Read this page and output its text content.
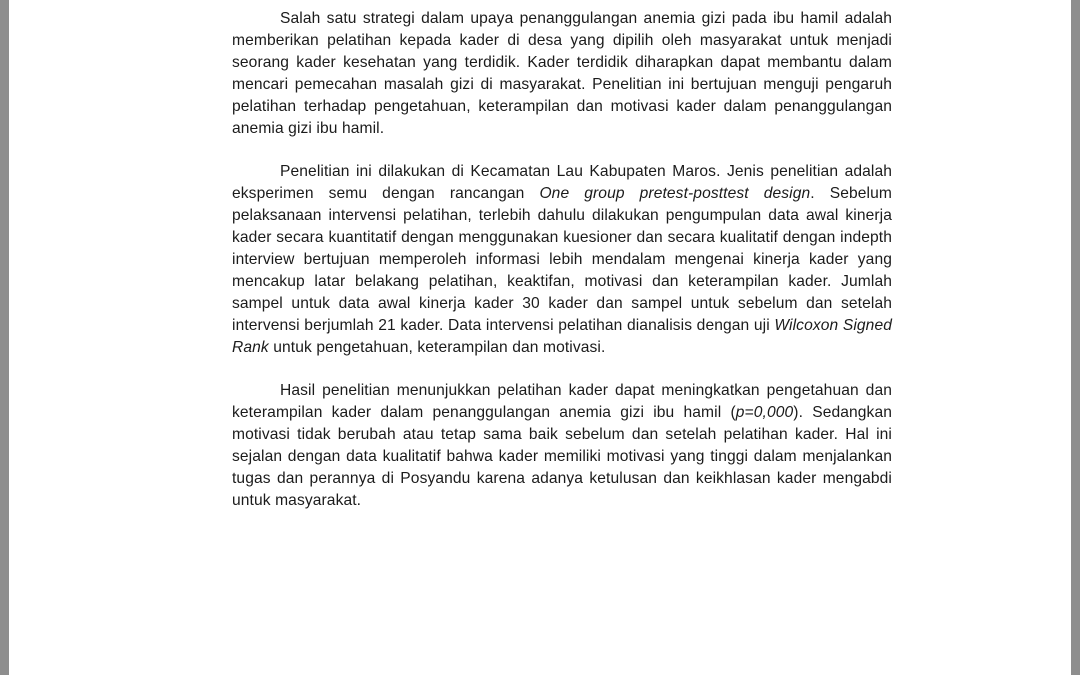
Salah satu strategi dalam upaya penanggulangan anemia gizi pada ibu hamil adalah memberikan pelatihan kepada kader di desa yang dipilih oleh masyarakat untuk menjadi seorang kader kesehatan yang terdidik. Kader terdidik diharapkan dapat membantu dalam mencari pemecahan masalah gizi di masyarakat. Penelitian ini bertujuan menguji pengaruh pelatihan terhadap pengetahuan, keterampilan dan motivasi kader dalam penanggulangan anemia gizi ibu hamil.

Penelitian ini dilakukan di Kecamatan Lau Kabupaten Maros. Jenis penelitian adalah eksperimen semu dengan rancangan One group pretest-posttest design. Sebelum pelaksanaan intervensi pelatihan, terlebih dahulu dilakukan pengumpulan data awal kinerja kader secara kuantitatif dengan menggunakan kuesioner dan secara kualitatif dengan indepth interview bertujuan memperoleh informasi lebih mendalam mengenai kinerja kader yang mencakup latar belakang pelatihan, keaktifan, motivasi dan keterampilan kader. Jumlah sampel untuk data awal kinerja kader 30 kader dan sampel untuk sebelum dan setelah intervensi berjumlah 21 kader. Data intervensi pelatihan dianalisis dengan uji Wilcoxon Signed Rank untuk pengetahuan, keterampilan dan motivasi.

Hasil penelitian menunjukkan pelatihan kader dapat meningkatkan pengetahuan dan keterampilan kader dalam penanggulangan anemia gizi ibu hamil (p=0,000). Sedangkan motivasi tidak berubah atau tetap sama baik sebelum dan setelah pelatihan kader. Hal ini sejalan dengan data kualitatif bahwa kader memiliki motivasi yang tinggi dalam menjalankan tugas dan perannya di Posyandu karena adanya ketulusan dan keikhlasan kader mengabdi untuk masyarakat.
